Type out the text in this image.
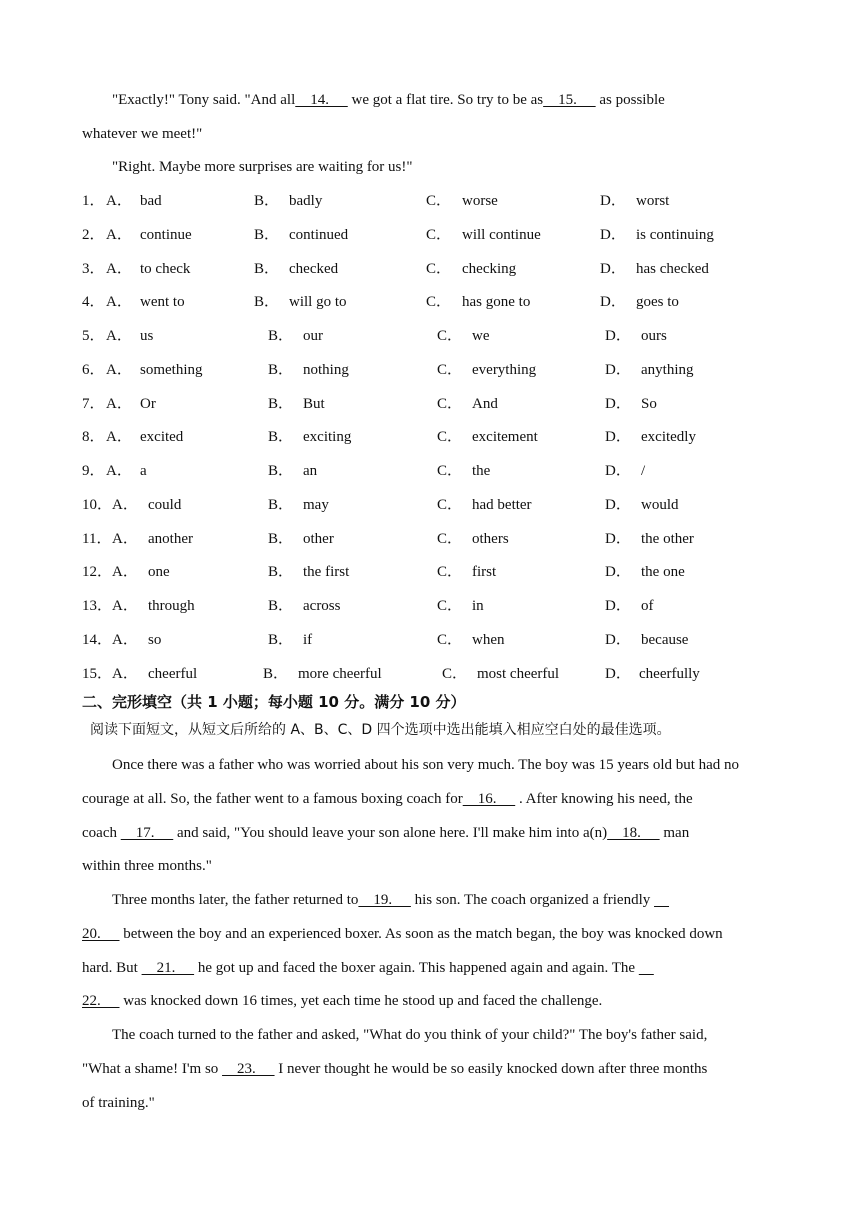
"Exactly!" Tony said. "And all    14.      we got a flat tire. So try to be as    15.      as possible
whatever we meet!"
"Right. Maybe more surprises are waiting for us!"
1． A． bad	B． badly	C． worse	D． worst
2． A． continue	B． continued	C． will continue	D． is continuing
3． A． to check	B． checked	C． checking	D． has checked
4． A． went to	B． will go to	C． has gone to	D． goes to
5． A． us	B． our	C． we	D． ours
6． A． something	B． nothing	C． everything	D． anything
7． A． Or	B． But	C． And	D． So
8． A． excited	B． exciting	C． excitement	D． excitedly
9． A． a	B． an	C． the	D． /
10． A． could	B． may	C． had better	D． would
11． A． another	B． other	C． others	D． the other
12． A． one	B． the first	C． first	D． the one
13． A． through	B． across	C． in	D． of
14． A． so	B． if	C． when	D． because
15． A． cheerful	B． more cheerful	C． most cheerful	D． cheerfully
二、完形填空（共 1 小题；每小题 10 分。满分 10 分）
阅读下面短文，从短文后所给的 A、B、C、D 四个选项中选出能填入相应空白处的最佳选项。
Once there was a father who was worried about his son very much. The boy was 15 years old but had no
courage at all. So, the father went to a famous boxing coach for    16.      . After knowing his need, the
coach     17.      and said, "You should leave your son alone here. I'll make him into a(n)    18.      man
within three months."
Three months later, the father returned to    19.      his son. The coach organized a friendly
20.      between the boy and an experienced boxer. As soon as the match began, the boy was knocked down
hard. But     21.      he got up and faced the boxer again. This happened again and again. The
22.      was knocked down 16 times, yet each time he stood up and faced the challenge.
The coach turned to the father and asked, "What do you think of your child?" The boy's father said,
"What a shame! I'm so     23.      I never thought he would be so easily knocked down after three months
of training."
